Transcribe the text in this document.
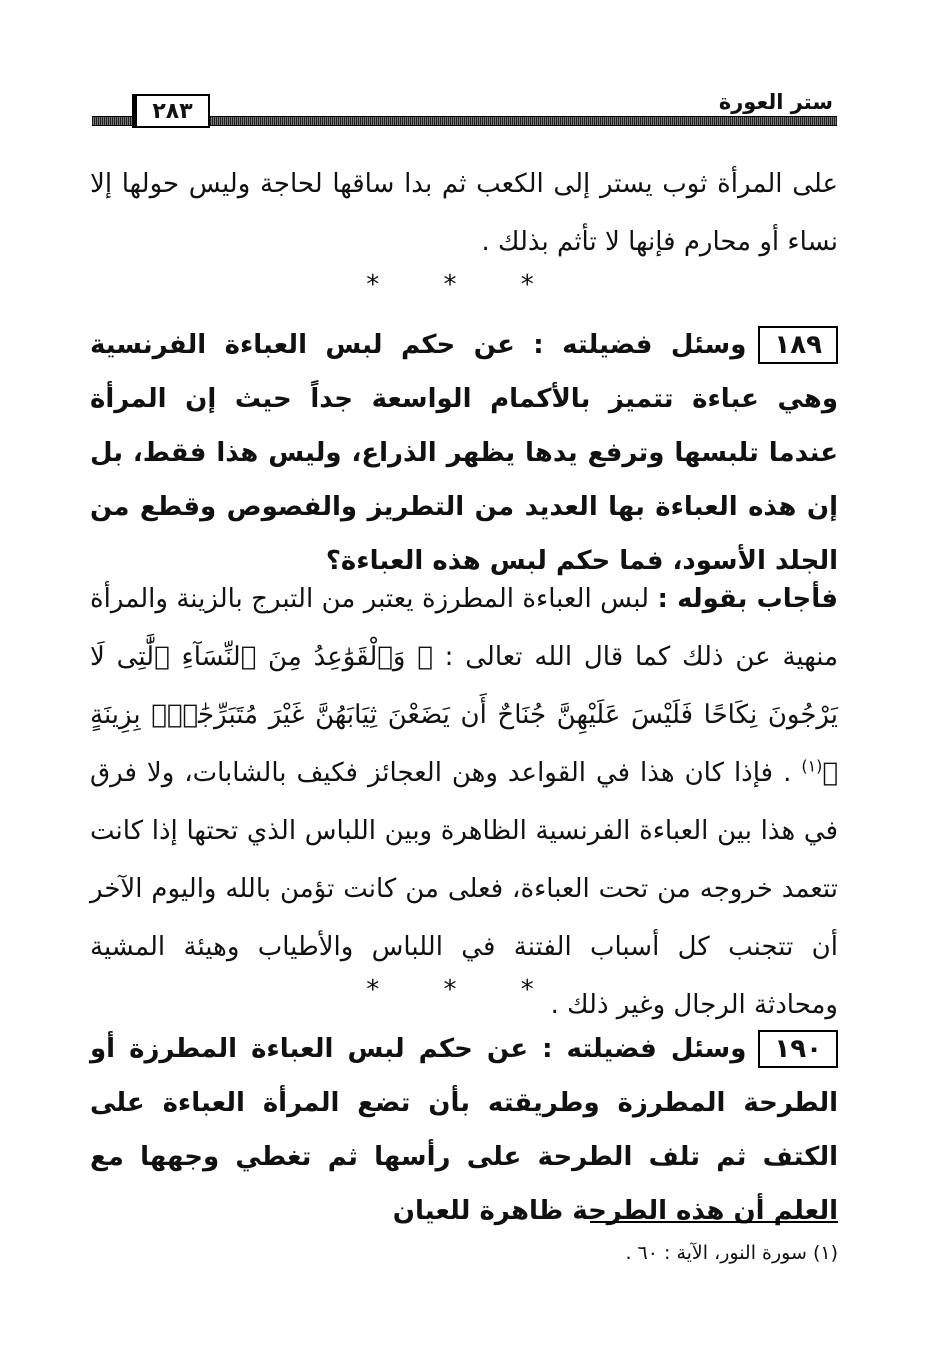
٢٨٣	ستر العورة
على المرأة ثوب يستر إلى الكعب ثم بدا ساقها لحاجة وليس حولها إلا نساء أو محارم فإنها لا تأثم بذلك .
* * *
١٨٩وسئل فضيلته : عن حكم لبس العباءة الفرنسية وهي عباءة تتميز بالأكمام الواسعة جداً حيث إن المرأة عندما تلبسها وترفع يدها يظهر الذراع، وليس هذا فقط، بل إن هذه العباءة بها العديد من التطريز والفصوص وقطع من الجلد الأسود، فما حكم لبس هذه العباءة؟
فأجاب بقوله : لبس العباءة المطرزة يعتبر من التبرج بالزينة والمرأة منهية عن ذلك كما قال الله تعالى : ﴿ وَٱلْقَوَٰعِدُ مِنَ ٱلنِّسَآءِ ٱلَّٰتِى لَا يَرْجُونَ نِكَاحًا فَلَيْسَ عَلَيْهِنَّ جُنَاحٌ أَن يَضَعْنَ ثِيَابَهُنَّ غَيْرَ مُتَبَرِّجَٰتٍۭ بِزِينَةٍ ﴾$^{(١)}$ . فإذا كان هذا في القواعد وهن العجائز فكيف بالشابات، ولا فرق في هذا بين العباءة الفرنسية الظاهرة وبين اللباس الذي تحتها إذا كانت تتعمد خروجه من تحت العباءة، فعلى من كانت تؤمن بالله واليوم الآخر أن تتجنب كل أسباب الفتنة في اللباس والأطياب وهيئة المشية ومحادثة الرجال وغير ذلك .
* * *
١٩٠وسئل فضيلته : عن حكم لبس العباءة المطرزة أو الطرحة المطرزة وطريقته بأن تضع المرأة العباءة على الكتف ثم تلف الطرحة على رأسها ثم تغطي وجهها مع العلم أن هذه الطرحة ظاهرة للعيان
(١) سورة النور، الآية : ٦٠ .
